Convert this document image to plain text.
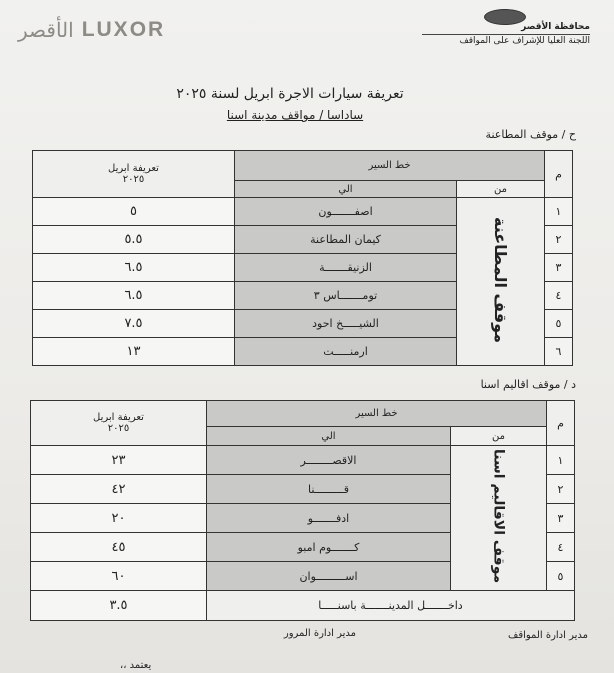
الأقصر LUXOR	محافظة الأقصر
اللجنة العليا للإشراف على المواقف
تعريفة سيارات الاجرة ابريل لسنة ٢٠٢٥
ساداسا / مواقف مدينة اسنا
ح / موقف المطاعنة
م	خط السير		تعريفة ابريل
٢٠٢٥

	من	الي	
١	موقف المطاعنة	اصفـــــــون	٥
٢		كيمان المطاعنة	٥.٥
٣		الزنيقـــــــة	٦.٥
٤		تومـــــــاس ٣	٦.٥
٥		الشيـــــخ احود	٧.٥
٦		ارمنـــــت	١٣
د / موقف اقاليم اسنا
م	خط السير		تعريفة ابريل
٢٠٢٥

	من	الي	
١	موقف الاقاليم اسنا	الاقصــــــــر	٢٣
٢		قـــــــــنا	٤٢
٣		ادفـــــــو	٢٠
٤		كـــــــوم امبو	٤٥
٥		اســـــــــوان	٦٠
داخـــــــل المدينـــــــة باسنـــــا			٣.٥
مدير ادارة المواقف
مدير ادارة المرور
يعتمد ،،
